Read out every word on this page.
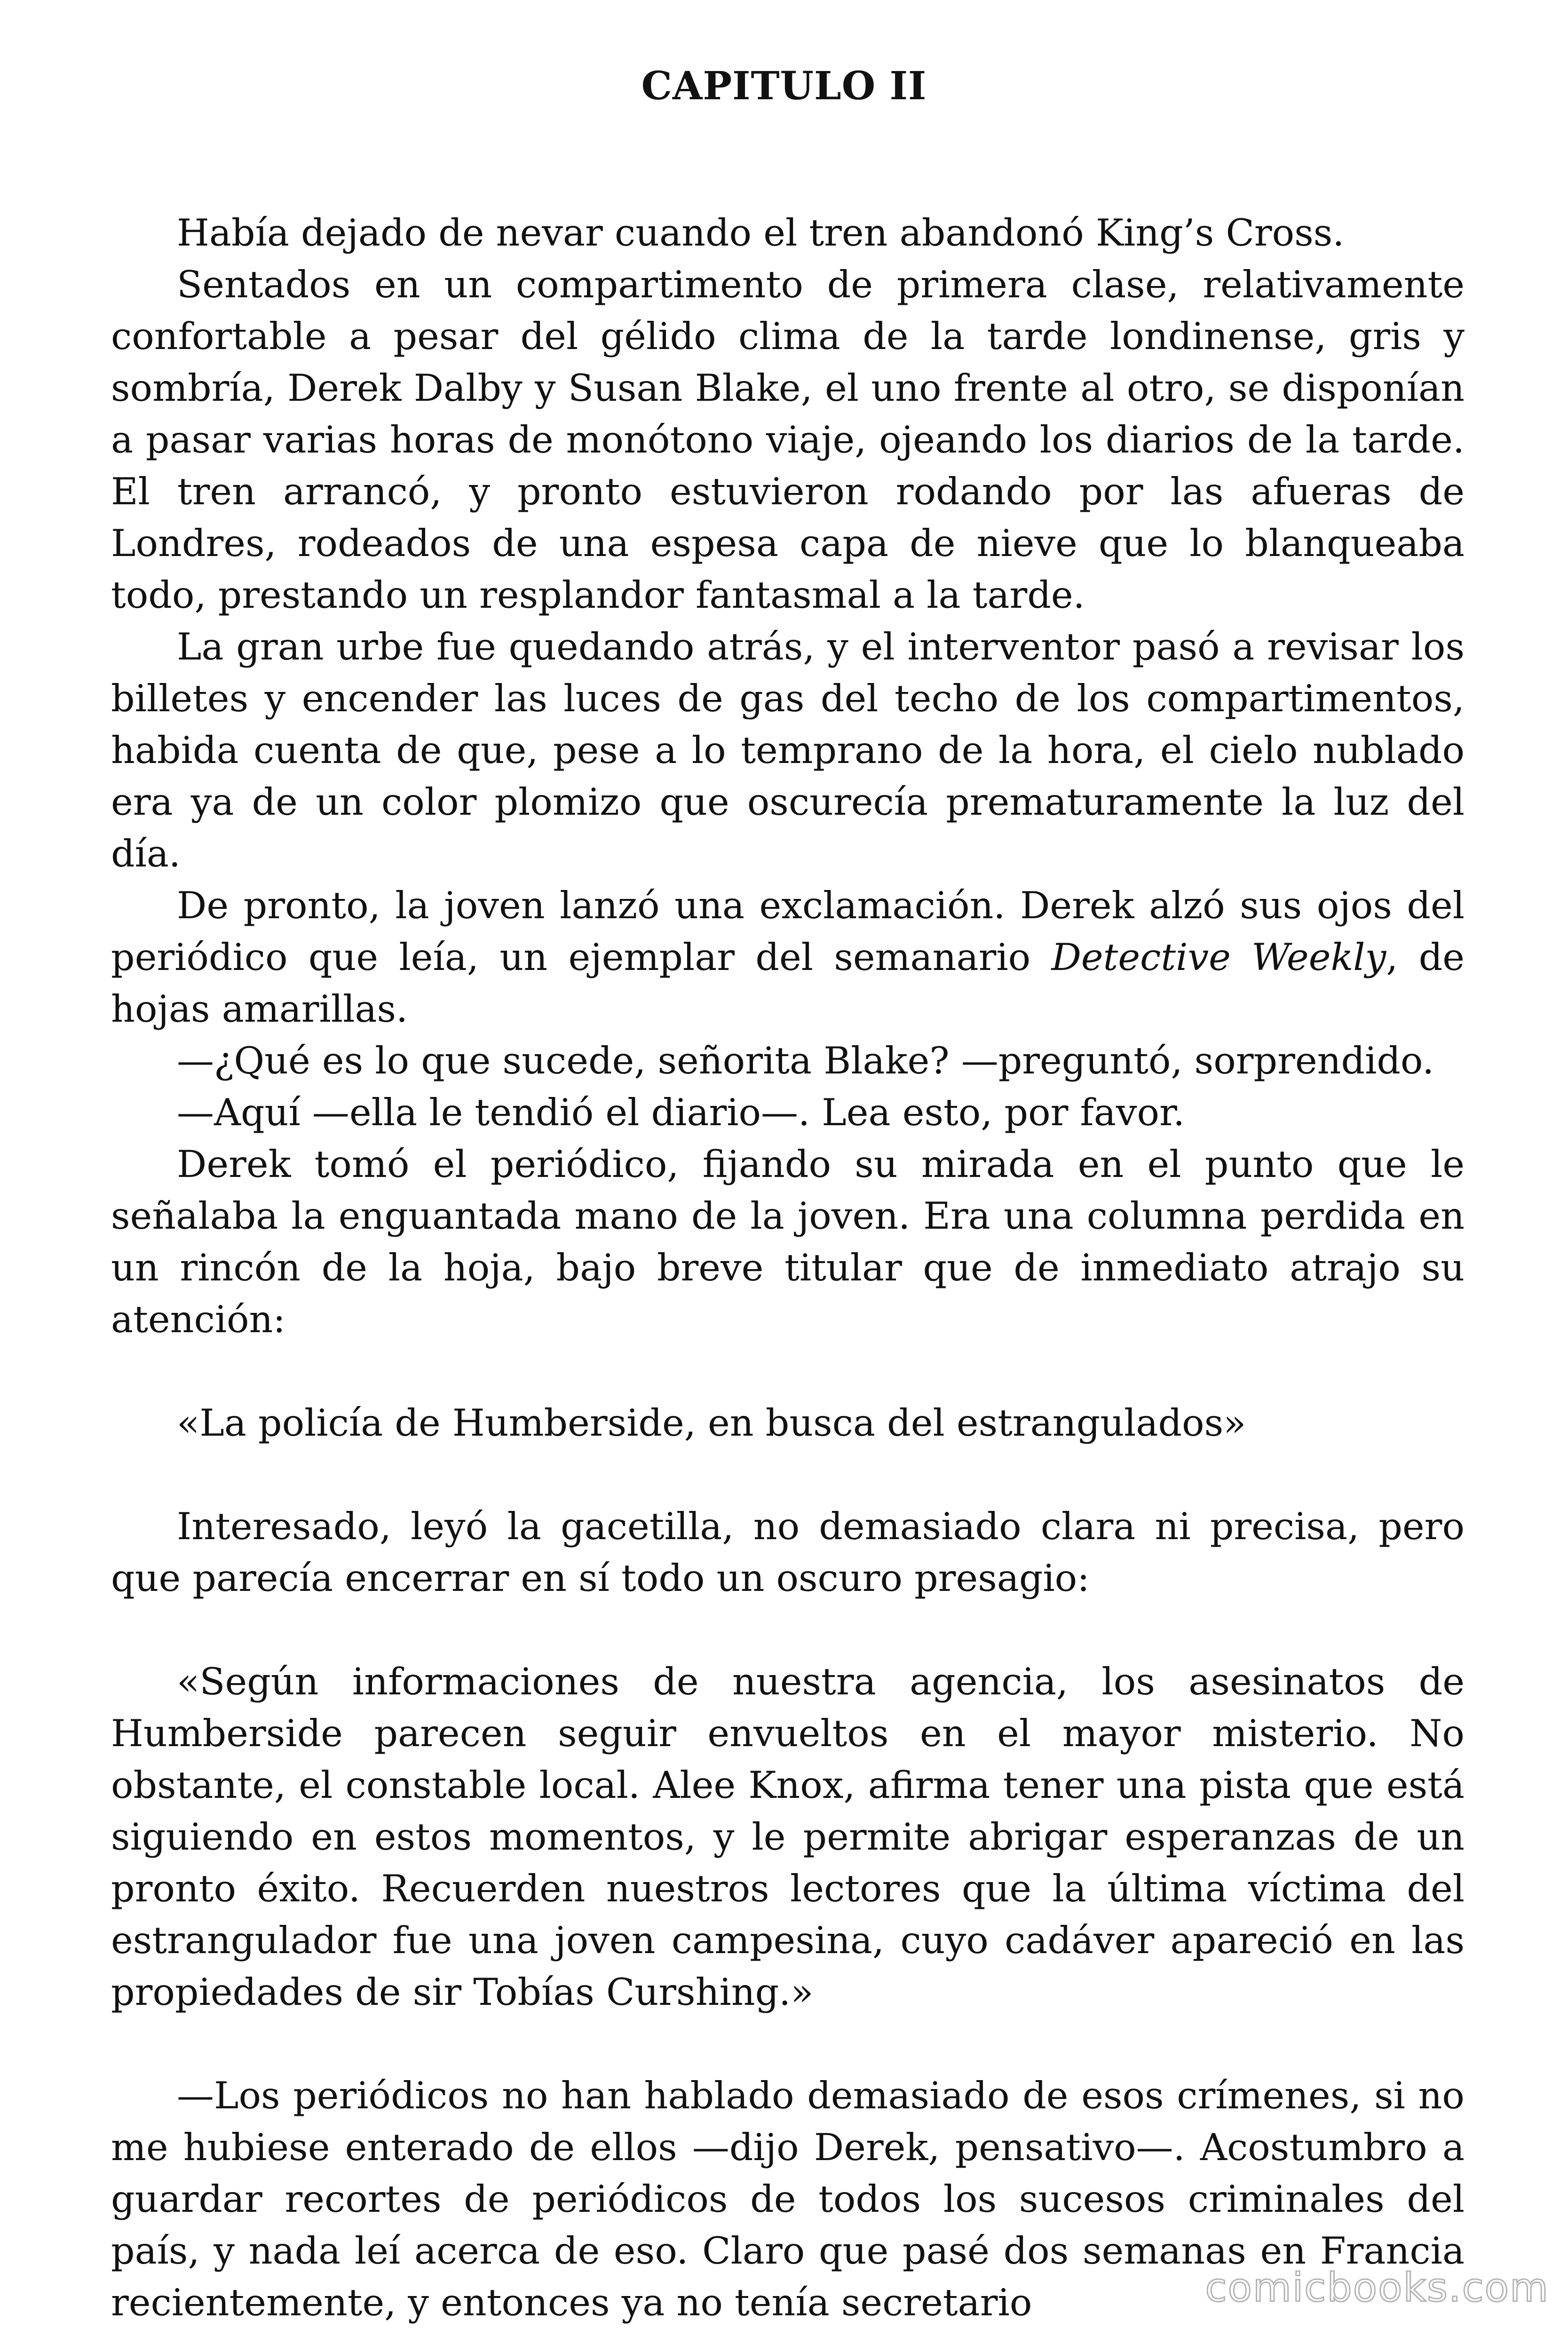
CAPITULO II

Había dejado de nevar cuando el tren abandonó King’s Cross.

Sentados en un compartimento de primera clase, relativamente confortable a pesar del gélido clima de la tarde londinense, gris y sombría, Derek Dalby y Susan Blake, el uno frente al otro, se disponían a pasar varias horas de monótono viaje, ojeando los diarios de la tarde. El tren arrancó, y pronto estuvieron rodando por las afueras de Londres, rodeados de una espesa capa de nieve que lo blanqueaba todo, prestando un resplandor fantasmal a la tarde.

La gran urbe fue quedando atrás, y el interventor pasó a revisar los billetes y encender las luces de gas del techo de los compartimentos, habida cuenta de que, pese a lo temprano de la hora, el cielo nublado era ya de un color plomizo que oscurecía prematuramente la luz del día.

De pronto, la joven lanzó una exclamación. Derek alzó sus ojos del periódico que leía, un ejemplar del semanario Detective Weekly, de hojas amarillas.

—¿Qué es lo que sucede, señorita Blake? —preguntó, sorprendido.

—Aquí —ella le tendió el diario—. Lea esto, por favor.

Derek tomó el periódico, fijando su mirada en el punto que le señalaba la enguantada mano de la joven. Era una columna perdida en un rincón de la hoja, bajo breve titular que de inmediato atrajo su atención:

«La policía de Humberside, en busca del estrangulados»

Interesado, leyó la gacetilla, no demasiado clara ni precisa, pero que parecía encerrar en sí todo un oscuro presagio:

«Según informaciones de nuestra agencia, los asesinatos de Humberside parecen seguir envueltos en el mayor misterio. No obstante, el constable local. Alee Knox, afirma tener una pista que está siguiendo en estos momentos, y le permite abrigar esperanzas de un pronto éxito. Recuerden nuestros lectores que la última víctima del estrangulador fue una joven campesina, cuyo cadáver apareció en las propiedades de sir Tobías Curshing.»

—Los periódicos no han hablado demasiado de esos crímenes, si no me hubiese enterado de ellos —dijo Derek, pensativo—. Acostumbro a guardar recortes de periódicos de todos los sucesos criminales del país, y nada leí acerca de eso. Claro que pasé dos semanas en Francia recientemente, y entonces ya no tenía secretario	comicbooks.com
